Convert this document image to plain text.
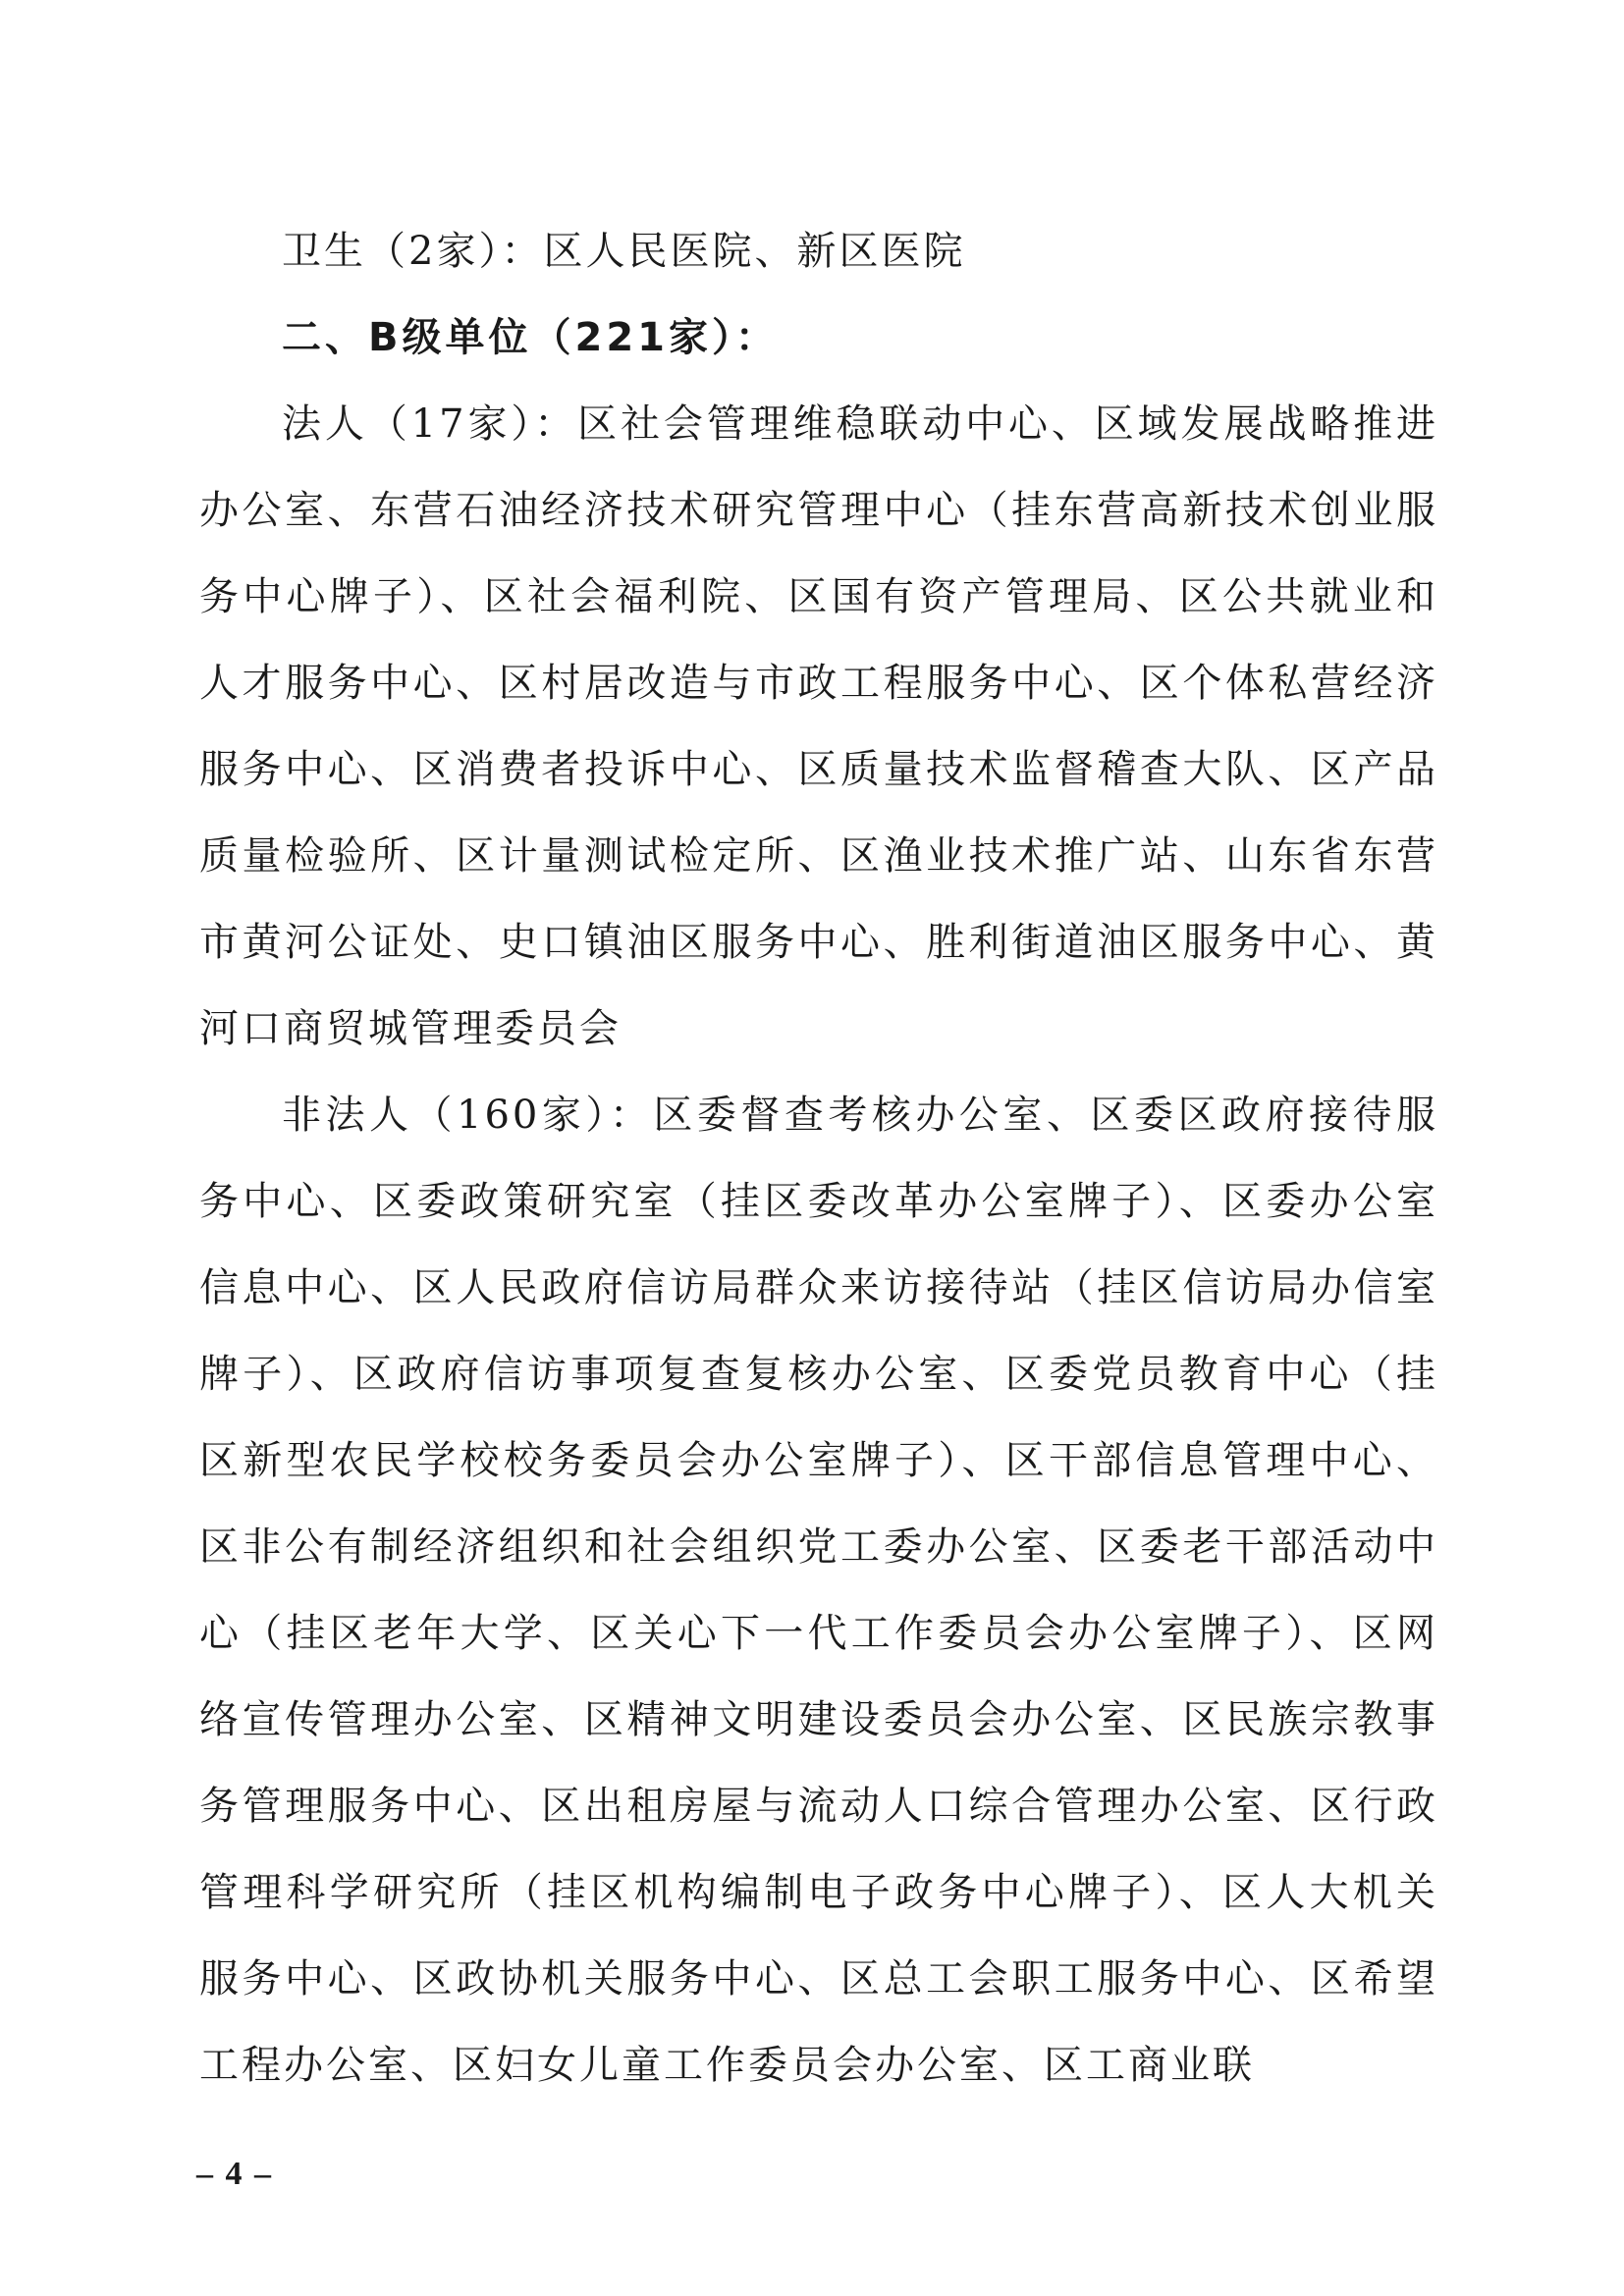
卫生（2家）：区人民医院、新区医院

二、B级单位（221家）：

法人（17家）：区社会管理维稳联动中心、区域发展战略推进办公室、东营石油经济技术研究管理中心（挂东营高新技术创业服务中心牌子）、区社会福利院、区国有资产管理局、区公共就业和人才服务中心、区村居改造与市政工程服务中心、区个体私营经济服务中心、区消费者投诉中心、区质量技术监督稽查大队、区产品质量检验所、区计量测试检定所、区渔业技术推广站、山东省东营市黄河公证处、史口镇油区服务中心、胜利街道油区服务中心、黄河口商贸城管理委员会

非法人（160家）：区委督查考核办公室、区委区政府接待服务中心、区委政策研究室（挂区委改革办公室牌子）、区委办公室信息中心、区人民政府信访局群众来访接待站（挂区信访局办信室牌子）、区政府信访事项复查复核办公室、区委党员教育中心（挂区新型农民学校校务委员会办公室牌子）、区干部信息管理中心、区非公有制经济组织和社会组织党工委办公室、区委老干部活动中心（挂区老年大学、区关心下一代工作委员会办公室牌子）、区网络宣传管理办公室、区精神文明建设委员会办公室、区民族宗教事务管理服务中心、区出租房屋与流动人口综合管理办公室、区行政管理科学研究所（挂区机构编制电子政务中心牌子）、区人大机关服务中心、区政协机关服务中心、区总工会职工服务中心、区希望工程办公室、区妇女儿童工作委员会办公室、区工商业联

– 4 –
